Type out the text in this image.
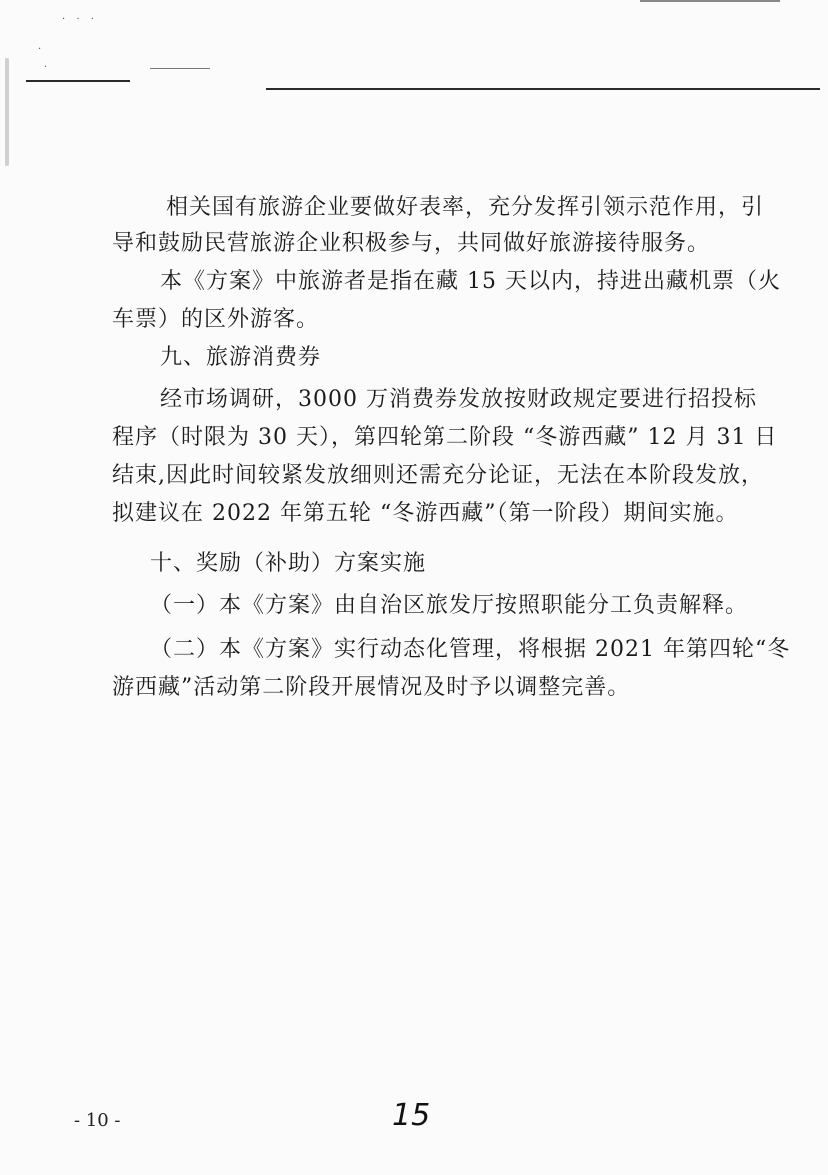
· · ·
·
·
相关国有旅游企业要做好表率，充分发挥引领示范作用，引
导和鼓励民营旅游企业积极参与，共同做好旅游接待服务。
本《方案》中旅游者是指在藏 15 天以内，持进出藏机票（火
车票）的区外游客。
九、旅游消费券
经市场调研，3000 万消费券发放按财政规定要进行招投标
程序（时限为 30 天），第四轮第二阶段 “冬游西藏” 12 月 31 日
结束,因此时间较紧发放细则还需充分论证，无法在本阶段发放，
拟建议在 2022 年第五轮 “冬游西藏”（第一阶段）期间实施。
十、奖励（补助）方案实施
（一）本《方案》由自治区旅发厅按照职能分工负责解释。
（二）本《方案》实行动态化管理，将根据 2021 年第四轮“冬
游西藏”活动第二阶段开展情况及时予以调整完善。
- 10 -	15
